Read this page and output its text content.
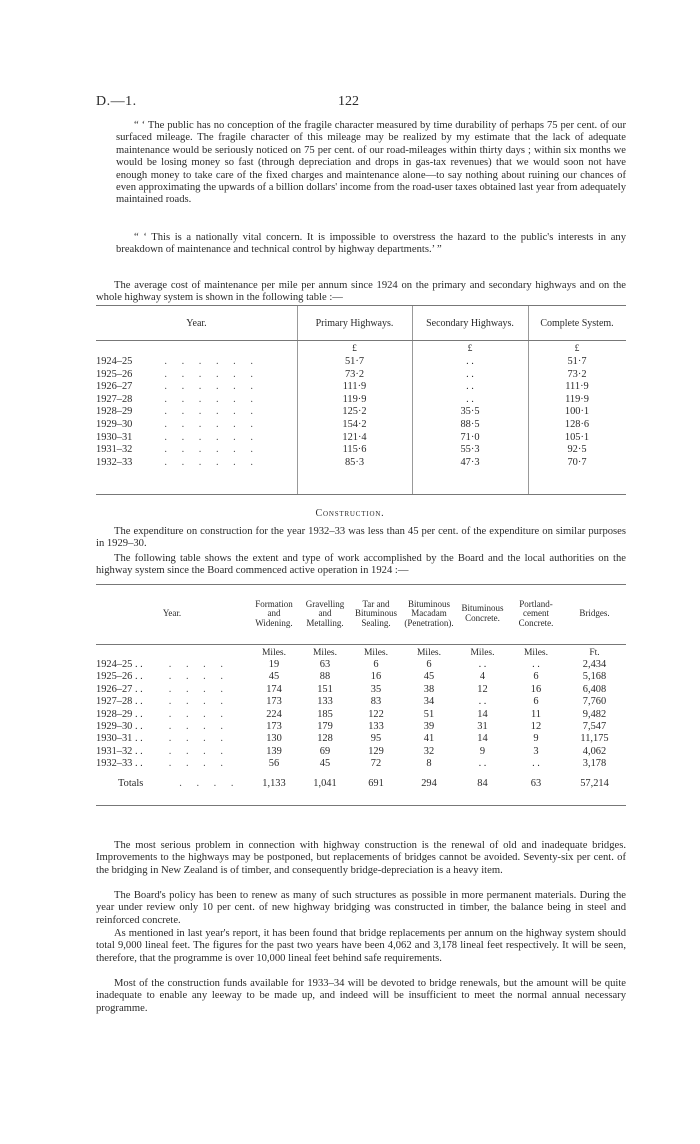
D.—1.	122

“ ‘ The public has no conception of the fragile character measured by time durability of perhaps 75 per cent. of our surfaced mileage. The fragile character of this mileage may be realized by my estimate that the lack of adequate maintenance would be seriously noticed on 75 per cent. of our road-mileages within thirty days ; within six months we would be losing money so fast (through depreciation and drops in gas-tax revenues) that we would soon not have enough money to take care of the fixed charges and maintenance alone—to say nothing about ruining our chances of even approximating the upwards of a billion dollars' income from the road-user taxes obtained last year from adequately maintained roads.

“ ‘ This is a nationally vital concern. It is impossible to overstress the hazard to the public's interests in any breakdown of maintenance and technical control by highway departments.’ ”

The average cost of maintenance per mile per annum since 1924 on the primary and secondary highways and on the whole highway system is shown in the following table :—

Year.	Primary Highways.	Secondary Highways.	Complete System.
	£	£	£
1924–25 . . . . . .	51·7	. .	51·7
1925–26 . . . . . .	73·2	. .	73·2
1926–27 . . . . . .	111·9	. .	111·9
1927–28 . . . . . .	119·9	. .	119·9
1928–29 . . . . . .	125·2	35·5	100·1
1929–30 . . . . . .	154·2	88·5	128·6
1930–31 . . . . . .	121·4	71·0	105·1
1931–32 . . . . . .	115·6	55·3	92·5
1932–33 . . . . . .	85·3	47·3	70·7
Construction.

The expenditure on construction for the year 1932–33 was less than 45 per cent. of the expenditure on similar purposes in 1929–30.

The following table shows the extent and type of work accomplished by the Board and the local authorities on the highway system since the Board commenced active operation in 1924 :—

Year.	Formation and Widening.	Gravelling and Metalling.	Tar and Bituminous Sealing.	Bituminous Macadam (Penetration).	Bituminous Concrete.	Portland-cement Concrete.	Bridges.
	Miles.	Miles.	Miles.	Miles.	Miles.	Miles.	Ft.
1924–25 . . . . . .	19	63	6	6	. .	. .	2,434
1925–26 . . . . . .	45	88	16	45	4	6	5,168
1926–27 . . . . . .	174	151	35	38	12	16	6,408
1927–28 . . . . . .	173	133	83	34	. .	6	7,760
1928–29 . . . . . .	224	185	122	51	14	11	9,482
1929–30 . . . . . .	173	179	133	39	31	12	7,547
1930–31 . . . . . .	130	128	95	41	14	9	11,175
1931–32 . . . . . .	139	69	129	32	9	3	4,062
1932–33 . . . . . .	56	45	72	8	. .	. .	3,178
Totals . . . .	1,133	1,041	691	294	84	63	57,214

The most serious problem in connection with highway construction is the renewal of old and inadequate bridges. Improvements to the highways may be postponed, but replacements of bridges cannot be avoided. Seventy-six per cent. of the bridging in New Zealand is of timber, and consequently bridge-depreciation is a heavy item.

The Board's policy has been to renew as many of such structures as possible in more permanent materials. During the year under review only 10 per cent. of new highway bridging was constructed in timber, the balance being in steel and reinforced concrete.

As mentioned in last year's report, it has been found that bridge replacements per annum on the highway system should total 9,000 lineal feet. The figures for the past two years have been 4,062 and 3,178 lineal feet respectively. It will be seen, therefore, that the programme is over 10,000 lineal feet behind safe requirements.

Most of the construction funds available for 1933–34 will be devoted to bridge renewals, but the amount will be quite inadequate to enable any leeway to be made up, and indeed will be insufficient to meet the normal annual necessary programme.
